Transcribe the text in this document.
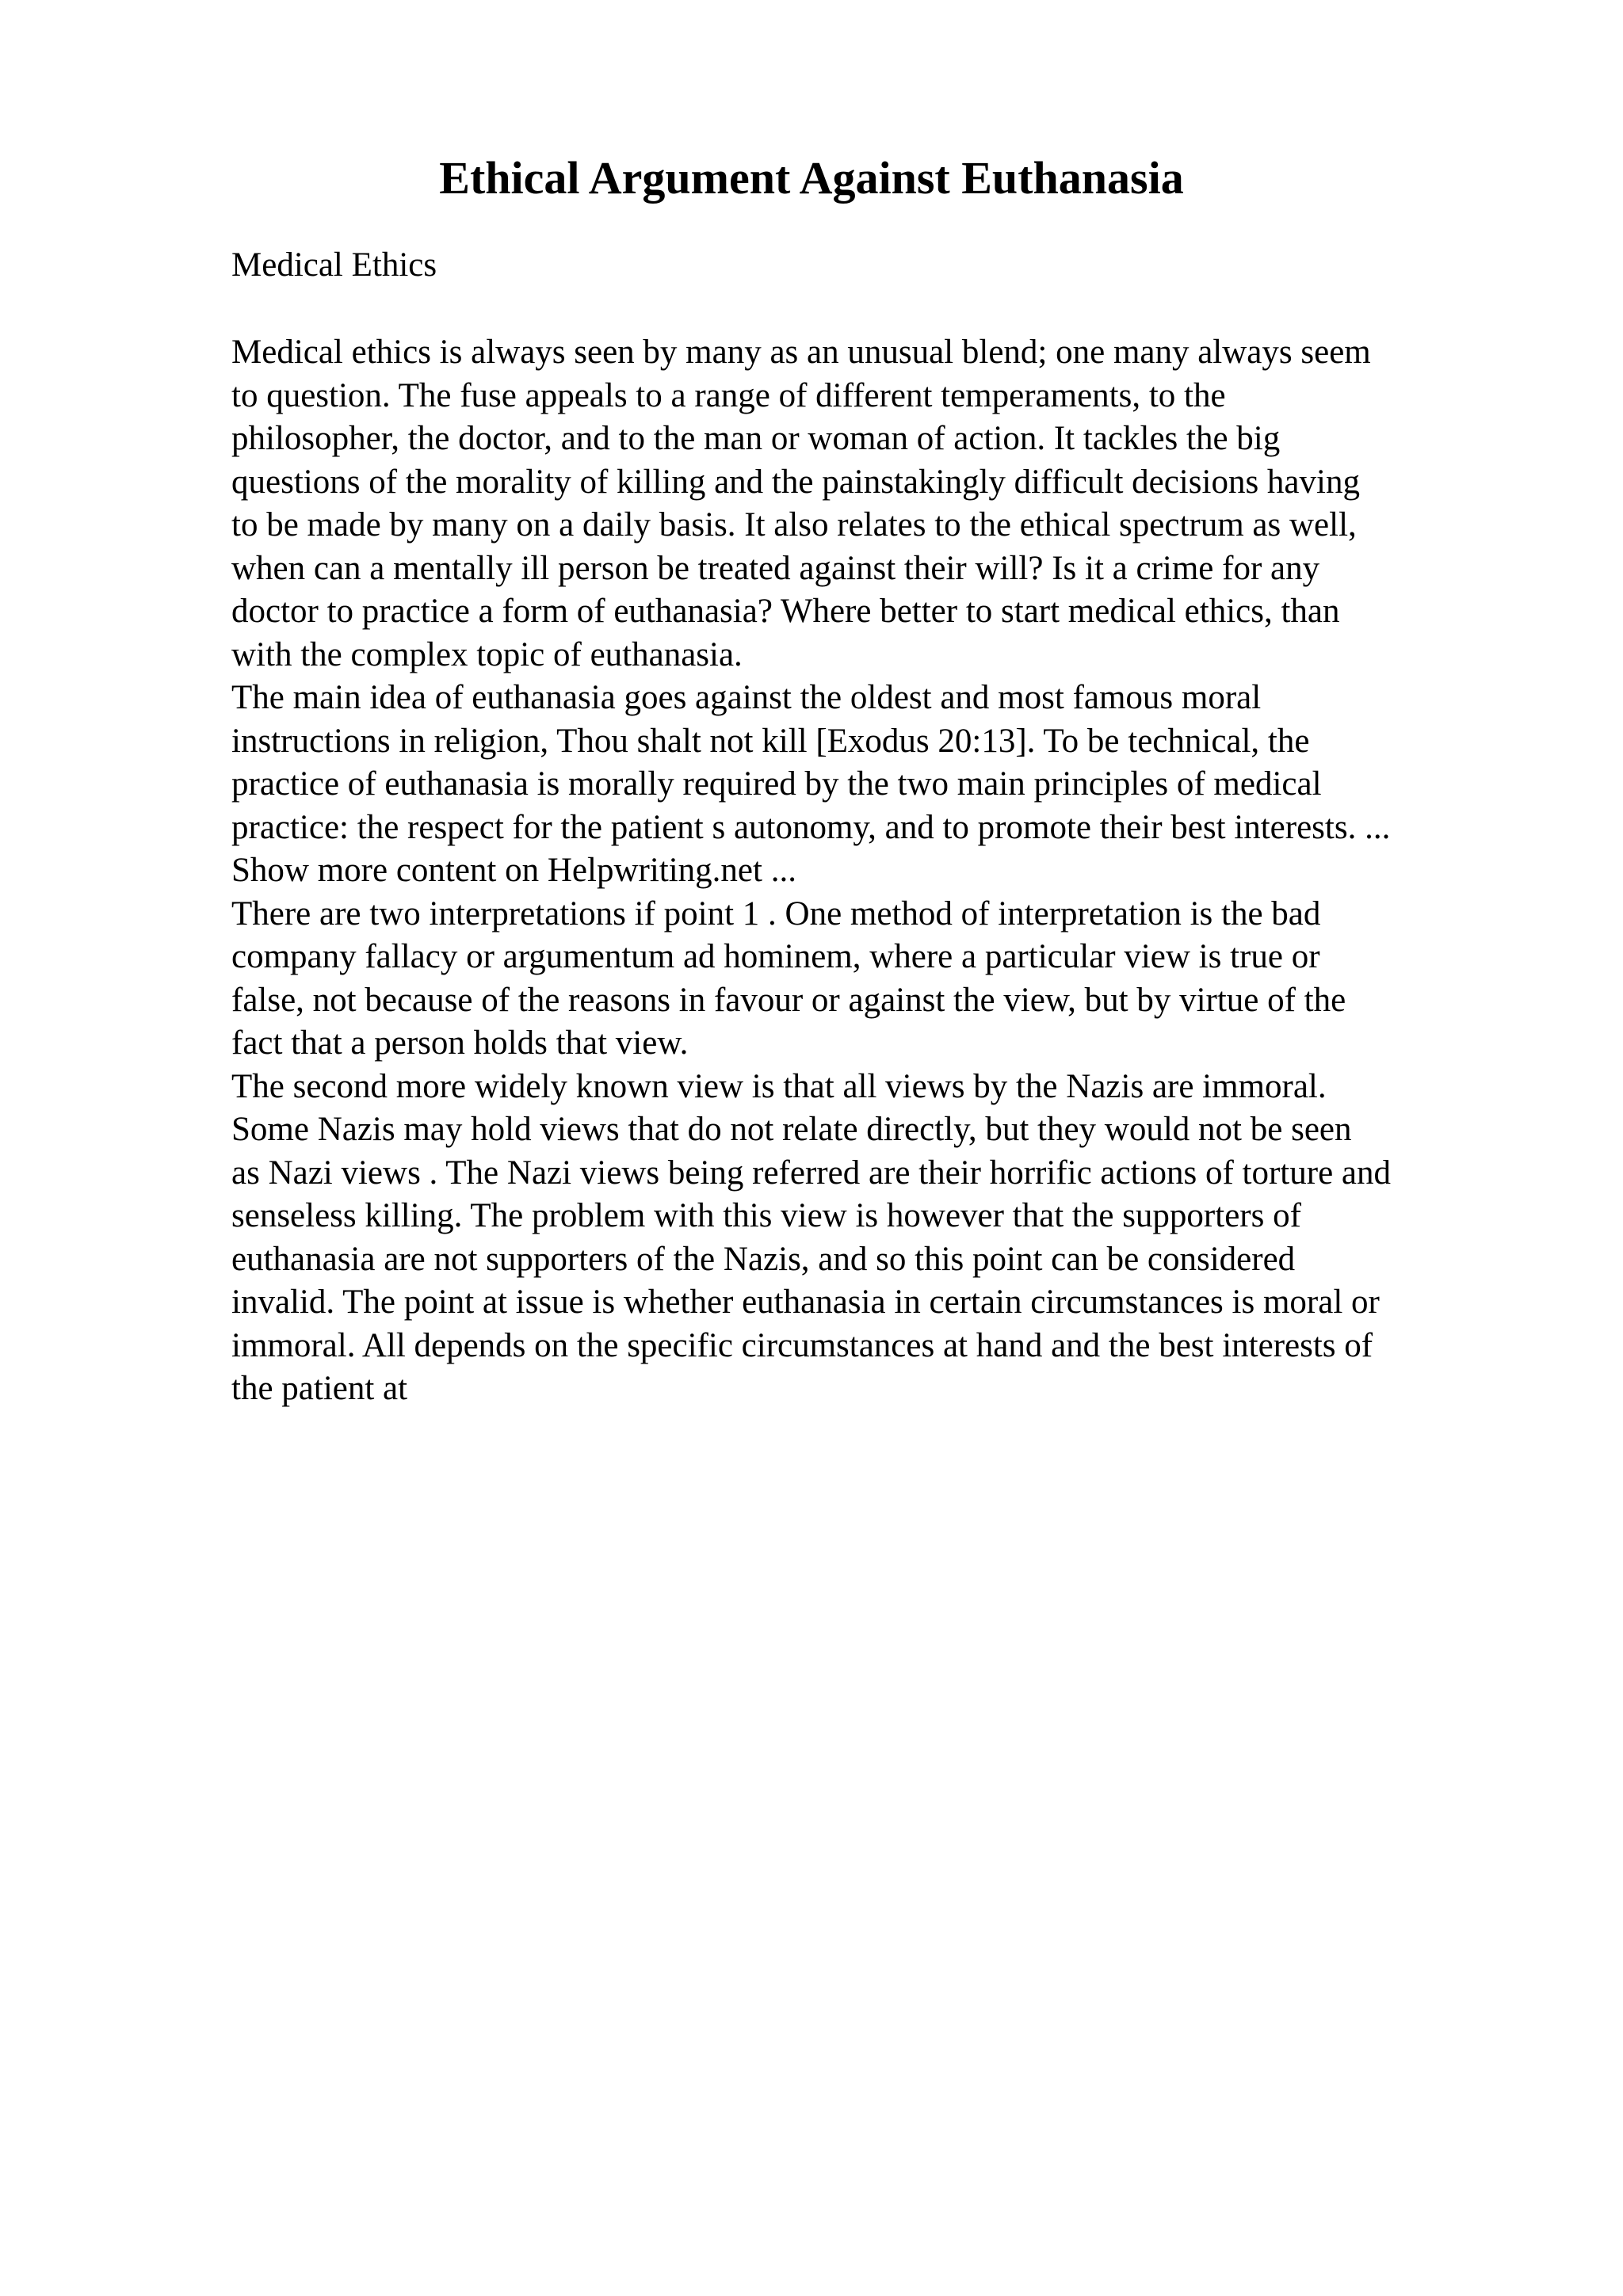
Ethical Argument Against Euthanasia

Medical Ethics

Medical ethics is always seen by many as an unusual blend; one many always seem
to question. The fuse appeals to a range of different temperaments, to the
philosopher, the doctor, and to the man or woman of action. It tackles the big
questions of the morality of killing and the painstakingly difficult decisions having
to be made by many on a daily basis. It also relates to the ethical spectrum as well,
when can a mentally ill person be treated against their will? Is it a crime for any
doctor to practice a form of euthanasia? Where better to start medical ethics, than
with the complex topic of euthanasia.
The main idea of euthanasia goes against the oldest and most famous moral
instructions in religion, Thou shalt not kill [Exodus 20:13]. To be technical, the
practice of euthanasia is morally required by the two main principles of medical
practice: the respect for the patient s autonomy, and to promote their best interests. ...
Show more content on Helpwriting.net ...
There are two interpretations if point 1 . One method of interpretation is the bad
company fallacy or argumentum ad hominem, where a particular view is true or
false, not because of the reasons in favour or against the view, but by virtue of the
fact that a person holds that view.
The second more widely known view is that all views by the Nazis are immoral.
Some Nazis may hold views that do not relate directly, but they would not be seen
as Nazi views . The Nazi views being referred are their horrific actions of torture and
senseless killing. The problem with this view is however that the supporters of
euthanasia are not supporters of the Nazis, and so this point can be considered
invalid. The point at issue is whether euthanasia in certain circumstances is moral or
immoral. All depends on the specific circumstances at hand and the best interests of
the patient at
